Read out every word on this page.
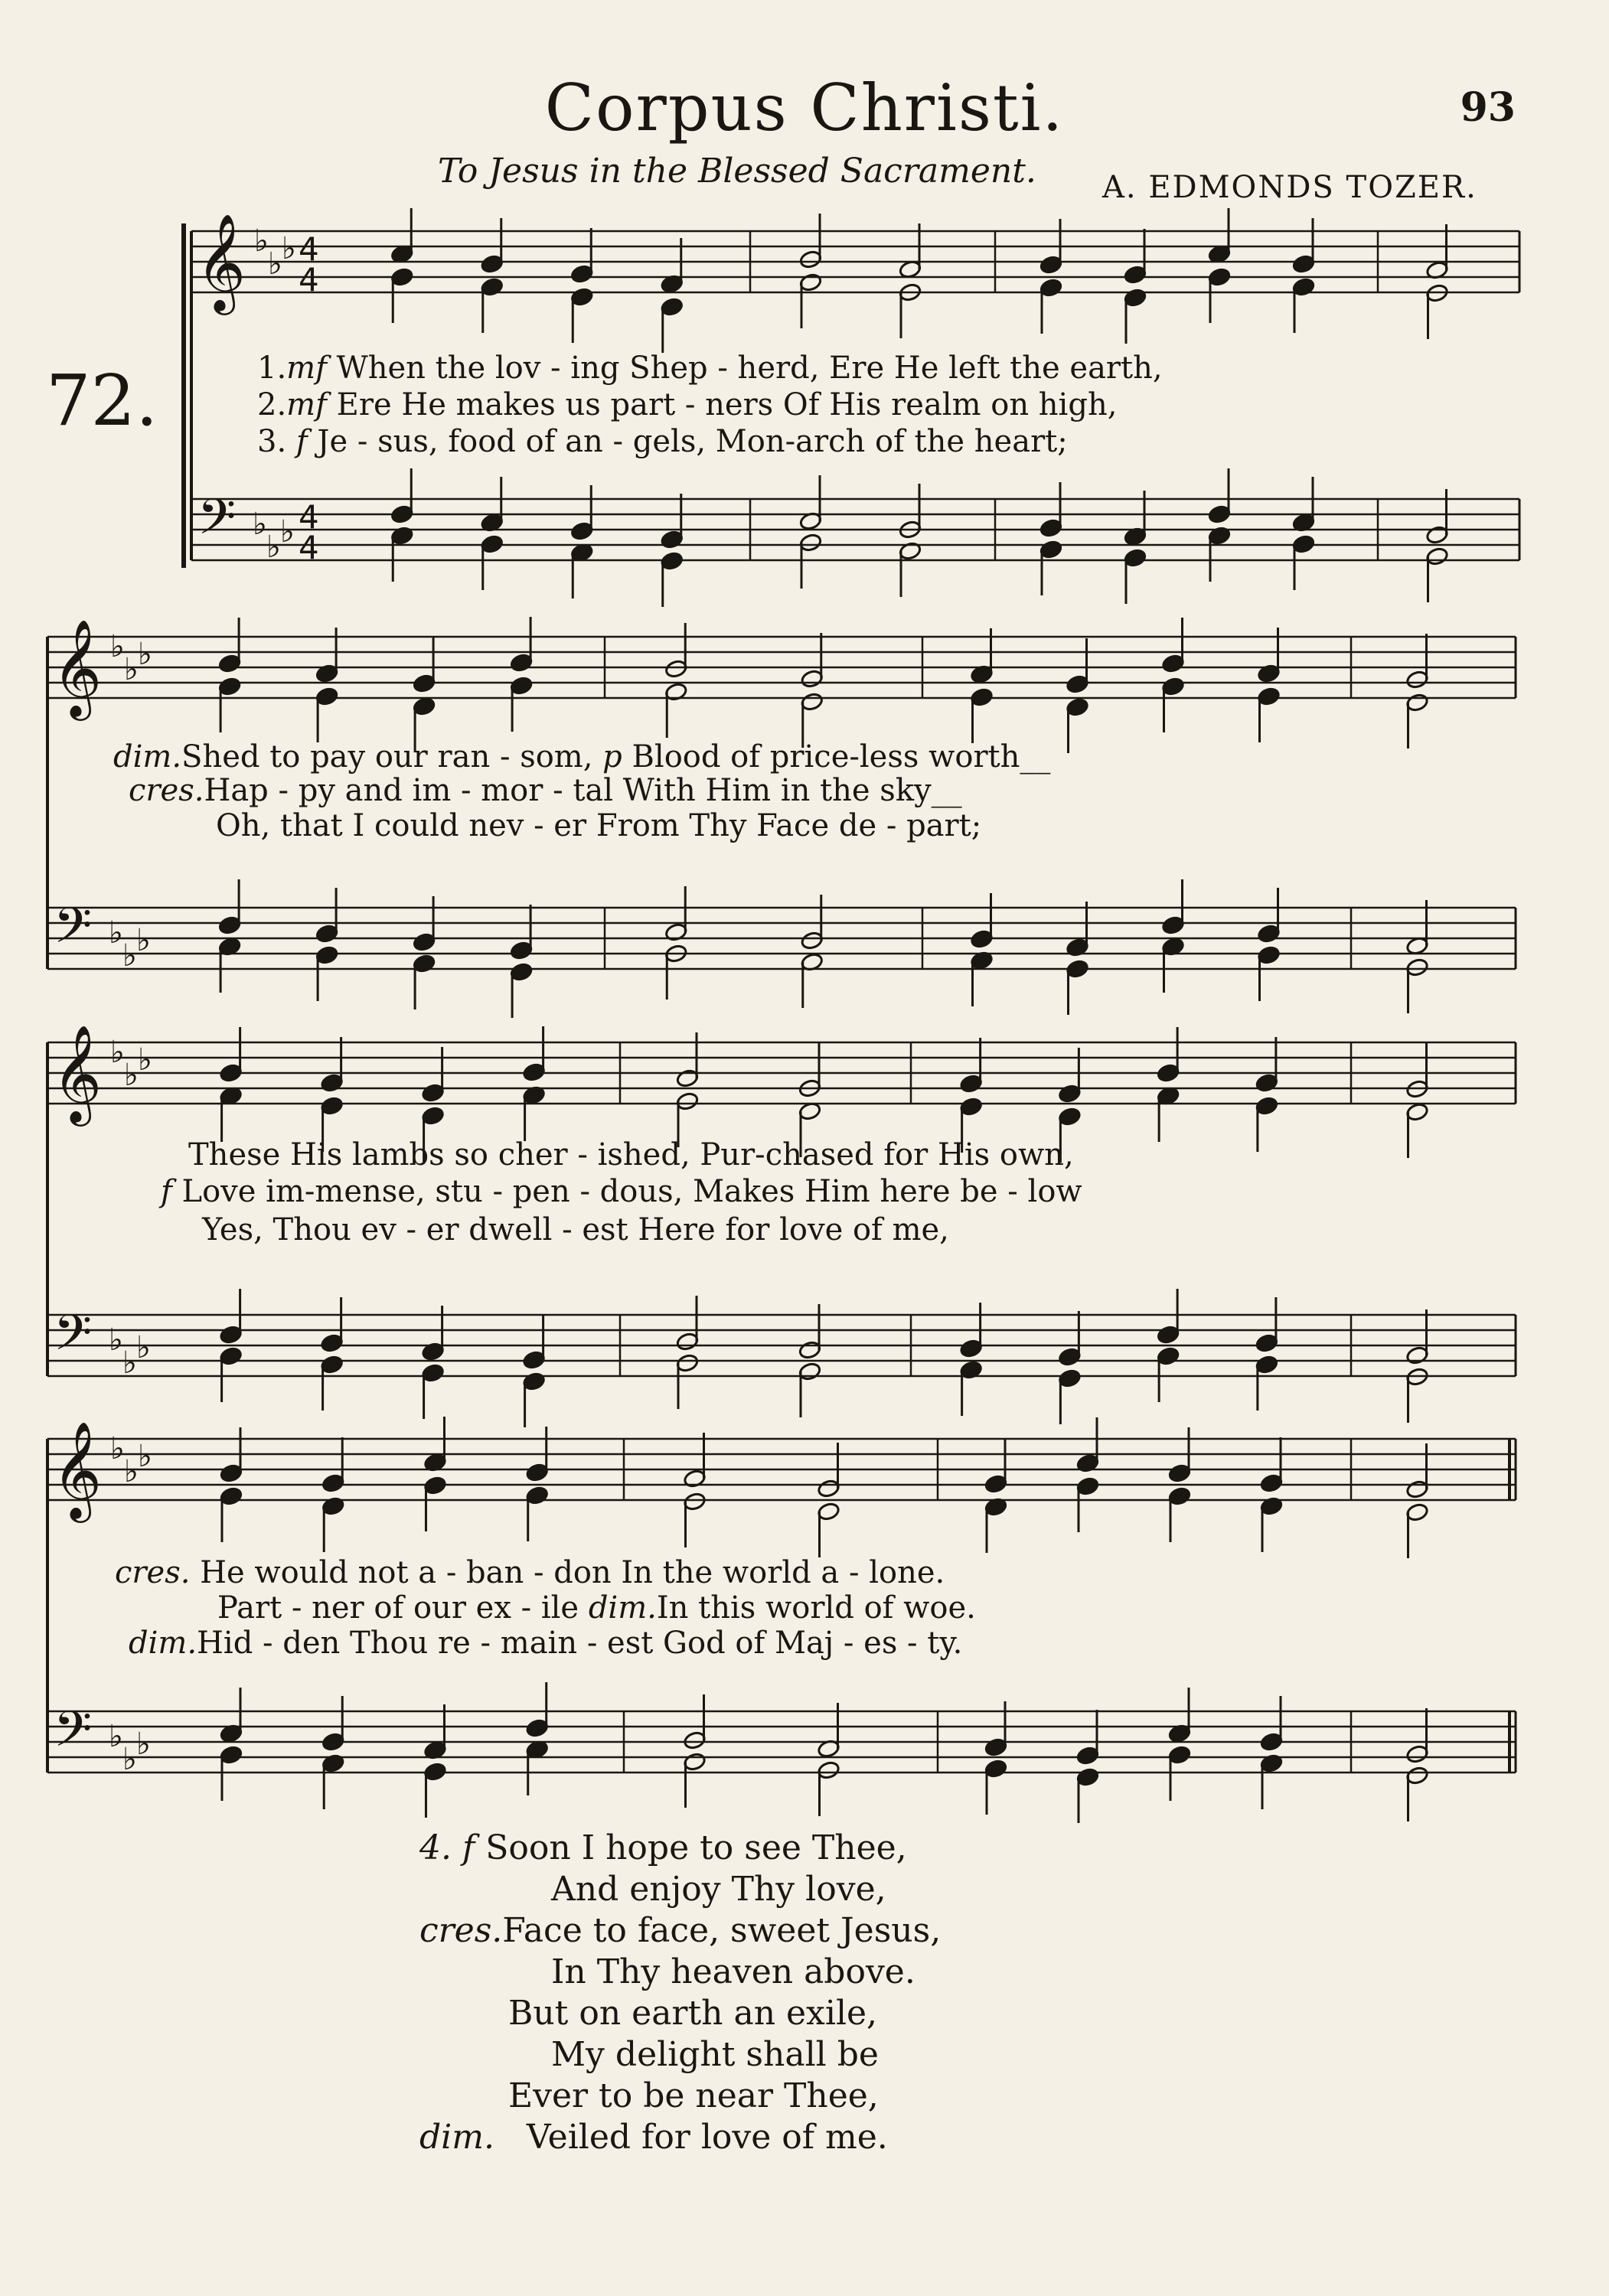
Corpus Christi.	93
To Jesus in the Blessed Sacrament. A. EDMONDS TOZER.
72.
𝄞 ♭
♭ ♭ 4
4
𝄢 ♭
♭ ♭ 4
4
𝄞 ♭
♭ ♭
𝄢 ♭
♭ ♭
𝄞 ♭
♭ ♭
𝄢 ♭
♭ ♭
𝄞 ♭
♭ ♭
𝄢 ♭
♭ ♭
1.mf When the lov - ing Shep - herd, Ere He left the earth,
2.mf Ere He makes us part - ners Of His realm on high,
3. f Je - sus, food of an - gels, Mon-arch of the heart;
dim.Shed to pay our ran - som, p Blood of price-less worth__
cres.Hap - py and im - mor - tal With Him in the sky__
Oh, that I could nev - er From Thy Face de - part;
These His lambs so cher - ished, Pur-chased for His own,
f Love im-mense, stu - pen - dous, Makes Him here be - low
Yes, Thou ev - er dwell - est Here for love of me,
cres. He would not a - ban - don In the world a - lone.
Part - ner of our ex - ile dim.In this world of woe.
dim.Hid - den Thou re - main - est God of Maj - es - ty.
4. f Soon I hope to see Thee,
And enjoy Thy love,
cres.Face to face, sweet Jesus,
In Thy heaven above.
But on earth an exile,
My delight shall be
Ever to be near Thee,
dim. Veiled for love of me.
